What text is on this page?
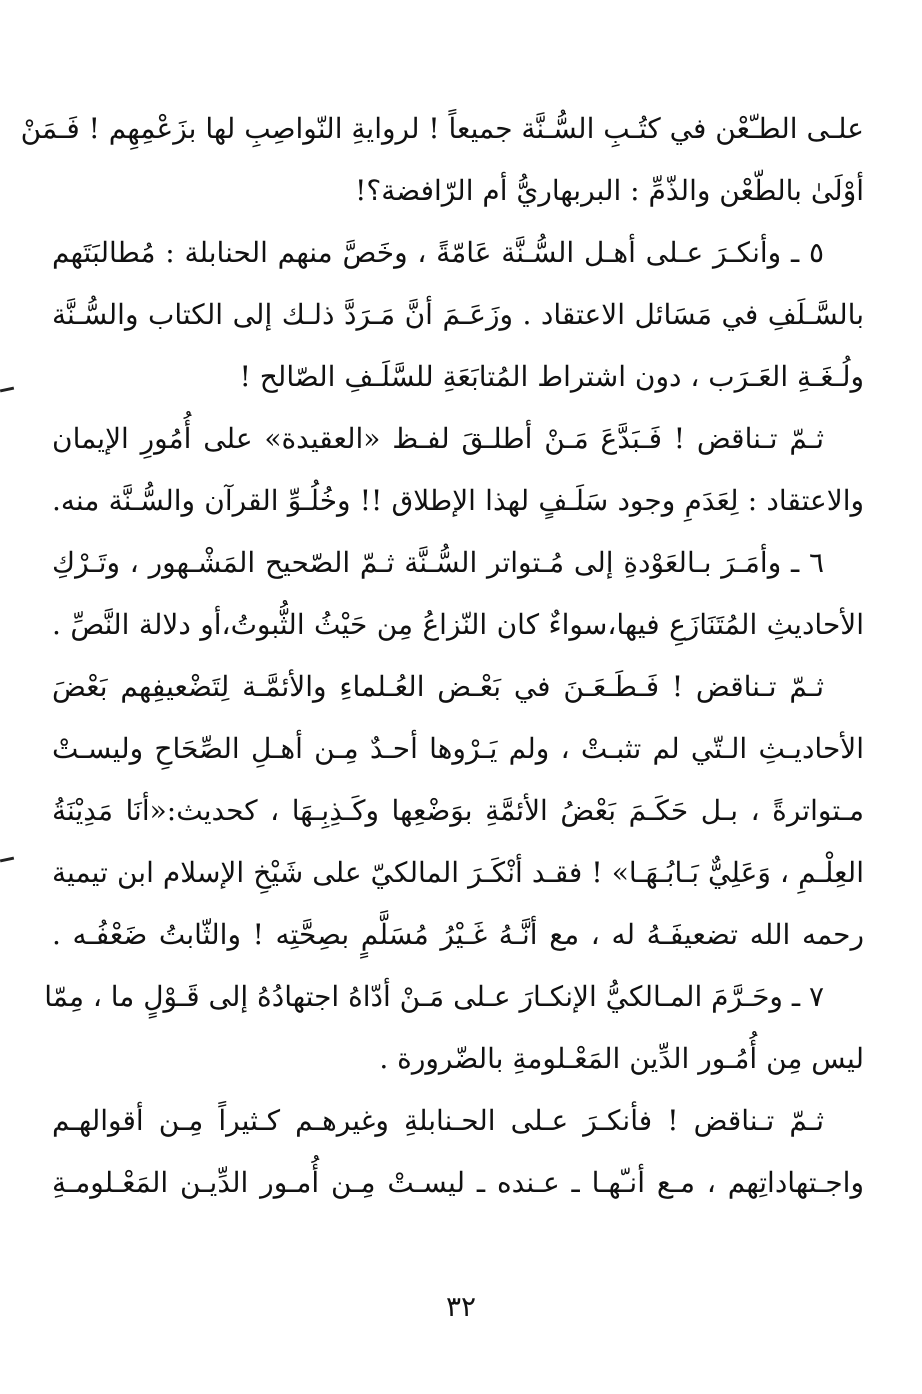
علـى الطـّعْن في كتُـبِ السُّـنَّة جميعاً ! لروايةِ النّواصِبِ لها بزَعْمِهِم ! فَـمَنْ
أوْلَىٰ بالطّعْن والذّمِّ : البربهاريُّ أم الرّافضة؟!
٥ ـ وأنكـرَ عـلى أهـل السُّـنَّة عَامّةً ، وخَصَّ منهم الحنابلة : مُطالبَتَهم
بالسَّـلَفِ في مَسَائل الاعتقاد . وزَعَـمَ أنَّ مَـرَدَّ ذلـك إلى الكتاب والسُّـنَّة
ولُـغَـةِ العَـرَب ، دون اشتراط المُتابَعَةِ للسَّلَـفِ الصّالح !
ثـمّ تـناقض ! فَـبَدَّعَ مَـنْ أطلـقَ لفـظ «العقيدة» على أُمُورِ الإيمان
والاعتقاد : لِعَدَمِ وجود سَلَـفٍ لهذا الإطلاق !! وخُلُـوِّ القرآن والسُّـنَّة منه.
٦ ـ وأمَـرَ بـالعَوْدةِ إلى مُـتواتر السُّـنَّة ثـمّ الصّحيح المَشْـهور ، وتَـرْكِ
الأحاديثِ المُتَنَازَعِ فيها،سواءٌ كان النّزاعُ مِن حَيْثُ الثُّبوتُ،أو دلالة النَّصِّ .
ثـمّ تـناقض ! فَـطَـعَـنَ في بَعْـض العُـلماءِ والأئمَّـة لِتَضْعيفِهم بَعْضَ
الأحاديـثِ الـتّي لم تثبـتْ ، ولم يَـرْوها أحـدٌ مِـن أهـلِ الصِّحَاحِ وليسـتْ
مـتواترةً ، بـل حَكَـمَ بَعْضُ الأئمَّةِ بوَضْعِها وكَـذِبِـهَا ، كحديث:«أنَا مَدِيْنَةُ
العِلْـمِ ، وَعَلِيٌّ بَـابُـهَـا» ! فقـد أنْكَـرَ المالكيّ على شَيْخِ الإسلام ابن تيمية
رحمه الله تضعيفَـهُ له ، مع أنَّـهُ غَـيْرُ مُسَلَّمٍ بصِحَّتِه ! والثّابتُ ضَعْفُـه .
٧ ـ وحَـرَّمَ المـالكيُّ الإنكـارَ عـلى مَـنْ أدّاهُ اجتهادُهُ إلى قَـوْلٍ ما ، مِمّا
ليس مِن أُمُـور الدِّين المَعْـلومةِ بالضّرورة .
ثـمّ تـناقض ! فأنكـرَ عـلى الحـنابلةِ وغيرهـم كـثيراً مِـن أقوالهـم
واجـتهاداتِهم ، مـع أنـّهـا ـ عـنده ـ ليسـتْ مِـن أُمـور الدِّيـن المَعْـلومـةِ
٣٢
